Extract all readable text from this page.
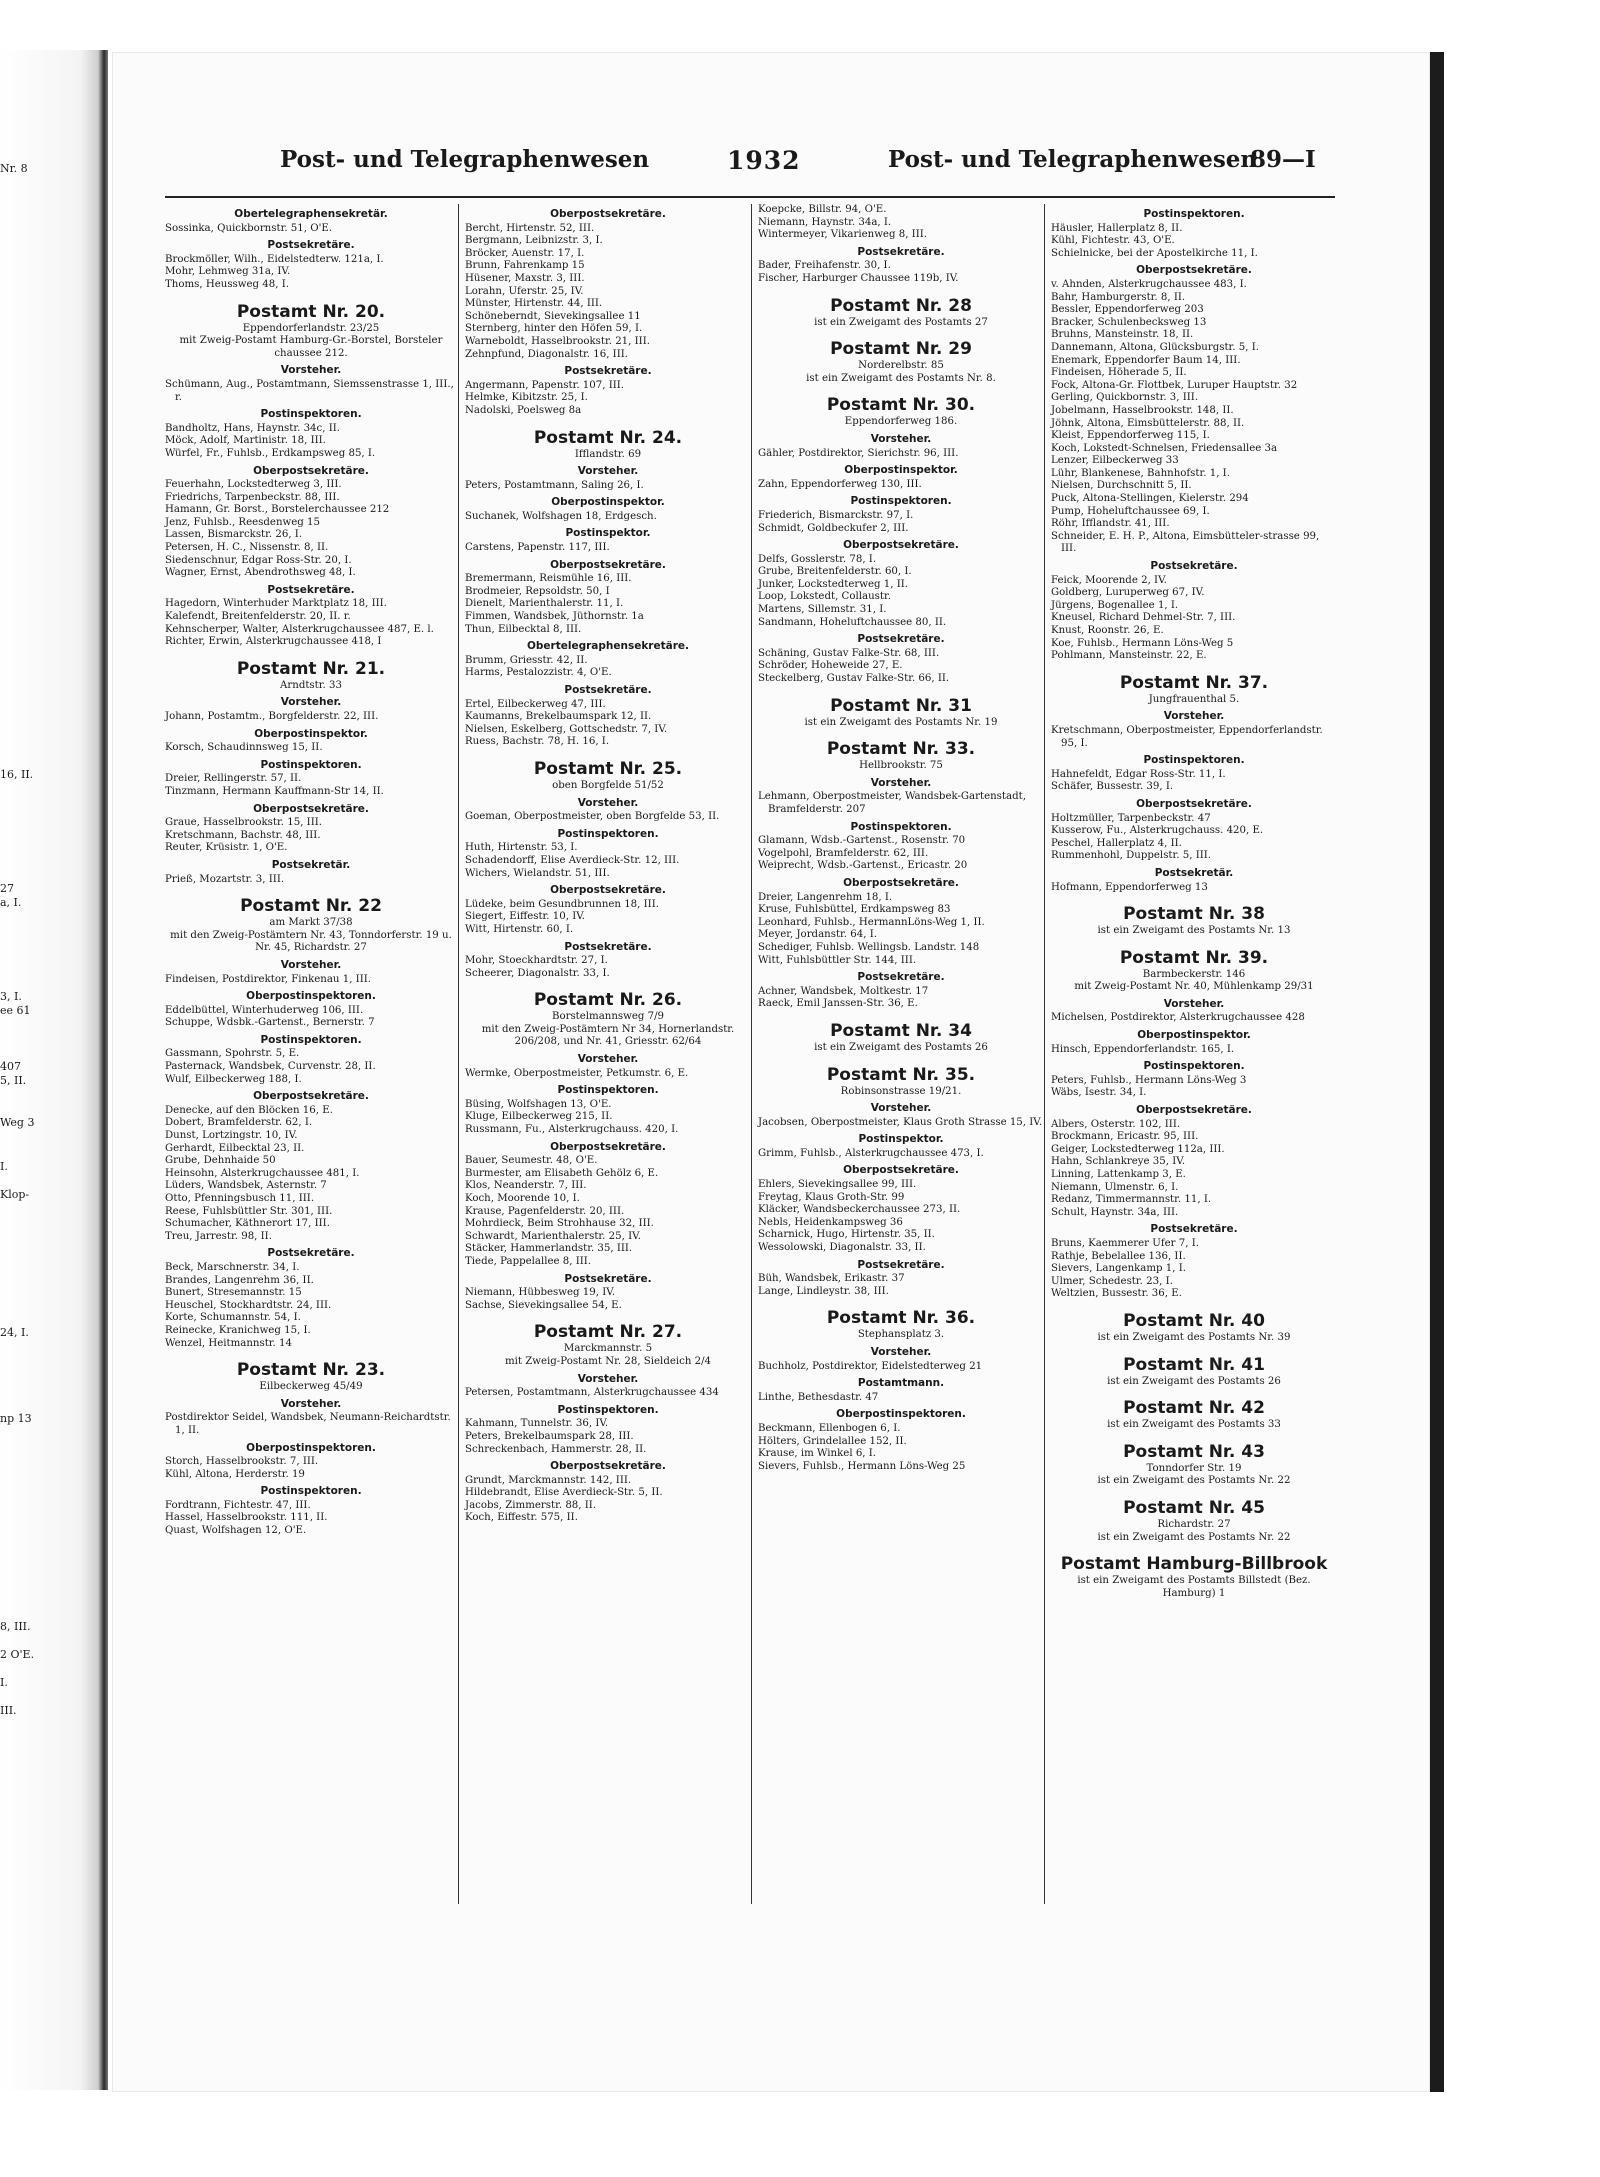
Nr. 8
16, II.
27
a, I.
3, I.
ee 61
407
5, II.
Weg 3
I.
Klop-
24, I.
np 13
8, III.
2 O'E.
I.
III.
Post- und Telegraphenwesen	1932	Post- und Telegraphenwesen
89—I
Obertelegraphensekretär.
Sossinka, Quickbornstr. 51, O'E.
Postsekretäre.
Brockmöller, Wilh., Eidelstedterw. 121a, I.
Mohr, Lehmweg 31a, IV.
Thoms, Heussweg 48, I.
Postamt Nr. 20.
Eppendorferlandstr. 23/25
mit Zweig-Postamt Hamburg-Gr.-Borstel, Borsteler chaussee 212.
Vorsteher.
Schümann, Aug., Postamtmann, Siemssenstrasse 1, III., r.
Postinspektoren.
Bandholtz, Hans, Haynstr. 34c, II.
Möck, Adolf, Martinistr. 18, III.
Würfel, Fr., Fuhlsb., Erdkampsweg 85, I.
Oberpostsekretäre.
Feuerhahn, Lockstedterweg 3, III.
Friedrichs, Tarpenbeckstr. 88, III.
Hamann, Gr. Borst., Borstelerchaussee 212
Jenz, Fuhlsb., Reesdenweg 15
Lassen, Bismarckstr. 26, I.
Petersen, H. C., Nissenstr. 8, II.
Siedenschnur, Edgar Ross-Str. 20, I.
Wagner, Ernst, Abendrothsweg 48, I.
Postsekretäre.
Hagedorn, Winterhuder Marktplatz 18, III.
Kalefendt, Breitenfelderstr. 20, II. r.
Kehnscherper, Walter, Alsterkrugchaussee 487, E. l.
Richter, Erwin, Alsterkrugchaussee 418, I
Postamt Nr. 21.
Arndtstr. 33
Vorsteher.
Johann, Postamtm., Borgfelderstr. 22, III.
Oberpostinspektor.
Korsch, Schaudinnsweg 15, II.
Postinspektoren.
Dreier, Rellingerstr. 57, II.
Tinzmann, Hermann Kauffmann-Str 14, II.
Oberpostsekretäre.
Graue, Hasselbrookstr. 15, III.
Kretschmann, Bachstr. 48, III.
Reuter, Krüsistr. 1, O'E.
Postsekretär.
Prieß, Mozartstr. 3, III.
Postamt Nr. 22
am Markt 37/38
mit den Zweig-Postämtern Nr. 43, Tonndorferstr. 19 u. Nr. 45, Richardstr. 27
Vorsteher.
Findeisen, Postdirektor, Finkenau 1, III.
Oberpostinspektoren.
Eddelbüttel, Winterhuderweg 106, III.
Schuppe, Wdsbk.-Gartenst., Bernerstr. 7
Postinspektoren.
Gassmann, Spohrstr. 5, E.
Pasternack, Wandsbek, Curvenstr. 28, II.
Wulf, Eilbeckerweg 188, I.
Oberpostsekretäre.
Denecke, auf den Blöcken 16, E.
Dobert, Bramfelderstr. 62, I.
Dunst, Lortzingstr. 10, IV.
Gerhardt, Eilbecktal 23, II.
Grube, Dehnhaide 50
Heinsohn, Alsterkrugchaussee 481, I.
Lüders, Wandsbek, Asternstr. 7
Otto, Pfenningsbusch 11, III.
Reese, Fuhlsbüttler Str. 301, III.
Schumacher, Käthnerort 17, III.
Treu, Jarrestr. 98, II.
Postsekretäre.
Beck, Marschnerstr. 34, I.
Brandes, Langenrehm 36, II.
Bunert, Stresemannstr. 15
Heuschel, Stockhardtstr. 24, III.
Korte, Schumannstr. 54, I.
Reinecke, Kranichweg 15, I.
Wenzel, Heitmannstr. 14
Postamt Nr. 23.
Eilbeckerweg 45/49
Vorsteher.
Postdirektor Seidel, Wandsbek, Neumann-Reichardtstr. 1, II.
Oberpostinspektoren.
Storch, Hasselbrookstr. 7, III.
Kühl, Altona, Herderstr. 19
Postinspektoren.
Fordtrann, Fichtestr. 47, III.
Hassel, Hasselbrookstr. 111, II.
Quast, Wolfshagen 12, O'E.
Oberpostsekretäre.
Bercht, Hirtenstr. 52, III.
Bergmann, Leibnizstr. 3, I.
Bröcker, Auenstr. 17, I.
Brunn, Fahrenkamp 15
Hüsener, Maxstr. 3, III.
Lorahn, Uferstr. 25, IV.
Münster, Hirtenstr. 44, III.
Schöneberndt, Sievekingsallee 11
Sternberg, hinter den Höfen 59, I.
Warneboldt, Hasselbrookstr. 21, III.
Zehnpfund, Diagonalstr. 16, III.
Postsekretäre.
Angermann, Papenstr. 107, III.
Helmke, Kibitzstr. 25, I.
Nadolski, Poelsweg 8a
Postamt Nr. 24.
Ifflandstr. 69
Vorsteher.
Peters, Postamtmann, Saling 26, I.
Oberpostinspektor.
Suchanek, Wolfshagen 18, Erdgesch.
Postinspektor.
Carstens, Papenstr. 117, III.
Oberpostsekretäre.
Bremermann, Reismühle 16, III.
Brodmeier, Repsoldstr. 50, I
Dienelt, Marienthalerstr. 11, I.
Fimmen, Wandsbek, Jüthornstr. 1a
Thun, Eilbecktal 8, III.
Obertelegraphensekretäre.
Brumm, Griesstr. 42, II.
Harms, Pestalozzistr. 4, O'E.
Postsekretäre.
Ertel, Eilbeckerweg 47, III.
Kaumanns, Brekelbaumspark 12, II.
Nielsen, Eskelberg, Gottschedstr. 7, IV.
Ruess, Bachstr. 78, H. 16, I.
Postamt Nr. 25.
oben Borgfelde 51/52
Vorsteher.
Goeman, Oberpostmeister, oben Borgfelde 53, II.
Postinspektoren.
Huth, Hirtenstr. 53, I.
Schadendorff, Elise Averdieck-Str. 12, III.
Wichers, Wielandstr. 51, III.
Oberpostsekretäre.
Lüdeke, beim Gesundbrunnen 18, III.
Siegert, Eiffestr. 10, IV.
Witt, Hirtenstr. 60, I.
Postsekretäre.
Mohr, Stoeckhardtstr. 27, I.
Scheerer, Diagonalstr. 33, I.
Postamt Nr. 26.
Borstelmannsweg 7/9
mit den Zweig-Postämtern Nr 34, Hornerlandstr. 206/208, und Nr. 41, Griesstr. 62/64
Vorsteher.
Wermke, Oberpostmeister, Petkumstr. 6, E.
Postinspektoren.
Büsing, Wolfshagen 13, O'E.
Kluge, Eilbeckerweg 215, II.
Russmann, Fu., Alsterkrugchauss. 420, I.
Oberpostsekretäre.
Bauer, Seumestr. 48, O'E.
Burmester, am Elisabeth Gehölz 6, E.
Klos, Neanderstr. 7, III.
Koch, Moorende 10, I.
Krause, Pagenfelderstr. 20, III.
Mohrdieck, Beim Strohhause 32, III.
Schwardt, Marienthalerstr. 25, IV.
Stäcker, Hammerlandstr. 35, III.
Tiede, Pappelallee 8, III.
Postsekretäre.
Niemann, Hübbesweg 19, IV.
Sachse, Sievekingsallee 54, E.
Postamt Nr. 27.
Marckmannstr. 5
mit Zweig-Postamt Nr. 28, Sieldeich 2/4
Vorsteher.
Petersen, Postamtmann, Alsterkrugchaussee 434
Postinspektoren.
Kahmann, Tunnelstr. 36, IV.
Peters, Brekelbaumspark 28, III.
Schreckenbach, Hammerstr. 28, II.
Oberpostsekretäre.
Grundt, Marckmannstr. 142, III.
Hildebrandt, Elise Averdieck-Str. 5, II.
Jacobs, Zimmerstr. 88, II.
Koch, Eiffestr. 575, II.
Koepcke, Billstr. 94, O'E.
Niemann, Haynstr. 34a, I.
Wintermeyer, Vikarienweg 8, III.
Postsekretäre.
Bader, Freihafenstr. 30, I.
Fischer, Harburger Chaussee 119b, IV.
Postamt Nr. 28
ist ein Zweigamt des Postamts 27
Postamt Nr. 29
Norderelbstr. 85
ist ein Zweigamt des Postamts Nr. 8.
Postamt Nr. 30.
Eppendorferweg 186.
Vorsteher.
Gähler, Postdirektor, Sierichstr. 96, III.
Oberpostinspektor.
Zahn, Eppendorferweg 130, III.
Postinspektoren.
Friederich, Bismarckstr. 97, I.
Schmidt, Goldbeckufer 2, III.
Oberpostsekretäre.
Delfs, Gosslerstr. 78, I.
Grube, Breitenfelderstr. 60, I.
Junker, Lockstedterweg 1, II.
Loop, Lokstedt, Collaustr.
Martens, Sillemstr. 31, I.
Sandmann, Hoheluftchaussee 80, II.
Postsekretäre.
Schäning, Gustav Falke-Str. 68, III.
Schröder, Hoheweide 27, E.
Steckelberg, Gustav Falke-Str. 66, II.
Postamt Nr. 31
ist ein Zweigamt des Postamts Nr. 19
Postamt Nr. 33.
Hellbrookstr. 75
Vorsteher.
Lehmann, Oberpostmeister, Wandsbek-Gartenstadt, Bramfelderstr. 207
Postinspektoren.
Glamann, Wdsb.-Gartenst., Rosenstr. 70
Vogelpohl, Bramfelderstr. 62, III.
Weiprecht, Wdsb.-Gartenst., Ericastr. 20
Oberpostsekretäre.
Dreier, Langenrehm 18, I.
Kruse, Fuhlsbüttel, Erdkampsweg 83
Leonhard, Fuhlsb., HermannLöns-Weg 1, II.
Meyer, Jordanstr. 64, I.
Schediger, Fuhlsb. Wellingsb. Landstr. 148
Witt, Fuhlsbüttler Str. 144, III.
Postsekretäre.
Achner, Wandsbek, Moltkestr. 17
Raeck, Emil Janssen-Str. 36, E.
Postamt Nr. 34
ist ein Zweigamt des Postamts 26
Postamt Nr. 35.
Robinsonstrasse 19/21.
Vorsteher.
Jacobsen, Oberpostmeister, Klaus Groth Strasse 15, IV.
Postinspektor.
Grimm, Fuhlsb., Alsterkrugchaussee 473, I.
Oberpostsekretäre.
Ehlers, Sievekingsallee 99, III.
Freytag, Klaus Groth-Str. 99
Kläcker, Wandsbeckerchaussee 273, II.
Nebls, Heidenkampsweg 36
Scharnick, Hugo, Hirtenstr. 35, II.
Wessolowski, Diagonalstr. 33, II.
Postsekretäre.
Büh, Wandsbek, Erikastr. 37
Lange, Lindleystr. 38, III.
Postamt Nr. 36.
Stephansplatz 3.
Vorsteher.
Buchholz, Postdirektor, Eidelstedterweg 21
Postamtmann.
Linthe, Bethesdastr. 47
Oberpostinspektoren.
Beckmann, Ellenbogen 6, I.
Hölters, Grindelallee 152, II.
Krause, im Winkel 6, I.
Sievers, Fuhlsb., Hermann Löns-Weg 25
Postinspektoren.
Häusler, Hallerplatz 8, II.
Kühl, Fichtestr. 43, O'E.
Schielnicke, bei der Apostelkirche 11, I.
Oberpostsekretäre.
v. Ahnden, Alsterkrugchaussee 483, I.
Bahr, Hamburgerstr. 8, II.
Bessler, Eppendorferweg 203
Bracker, Schulenbecksweg 13
Bruhns, Mansteinstr. 18, II.
Dannemann, Altona, Glücksburgstr. 5, I.
Enemark, Eppendorfer Baum 14, III.
Findeisen, Höherade 5, II.
Fock, Altona-Gr. Flottbek, Luruper Hauptstr. 32
Gerling, Quickbornstr. 3, III.
Jobelmann, Hasselbrookstr. 148, II.
Jöhnk, Altona, Eimsbüttelerstr. 88, II.
Kleist, Eppendorferweg 115, I.
Koch, Lokstedt-Schnelsen, Friedensallee 3a
Lenzer, Eilbeckerweg 33
Lühr, Blankenese, Bahnhofstr. 1, I.
Nielsen, Durchschnitt 5, II.
Puck, Altona-Stellingen, Kielerstr. 294
Pump, Hoheluftchaussee 69, I.
Röhr, Ifflandstr. 41, III.
Schneider, E. H. P., Altona, Eimsbütteler-strasse 99, III.
Postsekretäre.
Feick, Moorende 2, IV.
Goldberg, Luruperweg 67, IV.
Jürgens, Bogenallee 1, I.
Kneusel, Richard Dehmel-Str. 7, III.
Knust, Roonstr. 26, E.
Koe, Fuhlsb., Hermann Löns-Weg 5
Pohlmann, Mansteinstr. 22, E.
Postamt Nr. 37.
Jungfrauenthal 5.
Vorsteher.
Kretschmann, Oberpostmeister, Eppendorferlandstr. 95, I.
Postinspektoren.
Hahnefeldt, Edgar Ross-Str. 11, I.
Schäfer, Bussestr. 39, I.
Oberpostsekretäre.
Holtzmüller, Tarpenbeckstr. 47
Kusserow, Fu., Alsterkrugchauss. 420, E.
Peschel, Hallerplatz 4, II.
Rummenhohl, Duppelstr. 5, III.
Postsekretär.
Hofmann, Eppendorferweg 13
Postamt Nr. 38
ist ein Zweigamt des Postamts Nr. 13
Postamt Nr. 39.
Barmbeckerstr. 146
mit Zweig-Postamt Nr. 40, Mühlenkamp 29/31
Vorsteher.
Michelsen, Postdirektor, Alsterkrugchaussee 428
Oberpostinspektor.
Hinsch, Eppendorferlandstr. 165, I.
Postinspektoren.
Peters, Fuhlsb., Hermann Löns-Weg 3
Wäbs, Isestr. 34, I.
Oberpostsekretäre.
Albers, Osterstr. 102, III.
Brockmann, Ericastr. 95, III.
Geiger, Lockstedterweg 112a, III.
Hahn, Schlankreye 35, IV.
Linning, Lattenkamp 3, E.
Niemann, Ulmenstr. 6, I.
Redanz, Timmermannstr. 11, I.
Schult, Haynstr. 34a, III.
Postsekretäre.
Bruns, Kaemmerer Ufer 7, I.
Rathje, Bebelallee 136, II.
Sievers, Langenkamp 1, I.
Ulmer, Schedestr. 23, I.
Weltzien, Bussestr. 36, E.
Postamt Nr. 40
ist ein Zweigamt des Postamts Nr. 39
Postamt Nr. 41
ist ein Zweigamt des Postamts 26
Postamt Nr. 42
ist ein Zweigamt des Postamts 33
Postamt Nr. 43
Tonndorfer Str. 19
ist ein Zweigamt des Postamts Nr. 22
Postamt Nr. 45
Richardstr. 27
ist ein Zweigamt des Postamts Nr. 22
Postamt Hamburg-Billbrook
ist ein Zweigamt des Postamts Billstedt (Bez. Hamburg) 1
